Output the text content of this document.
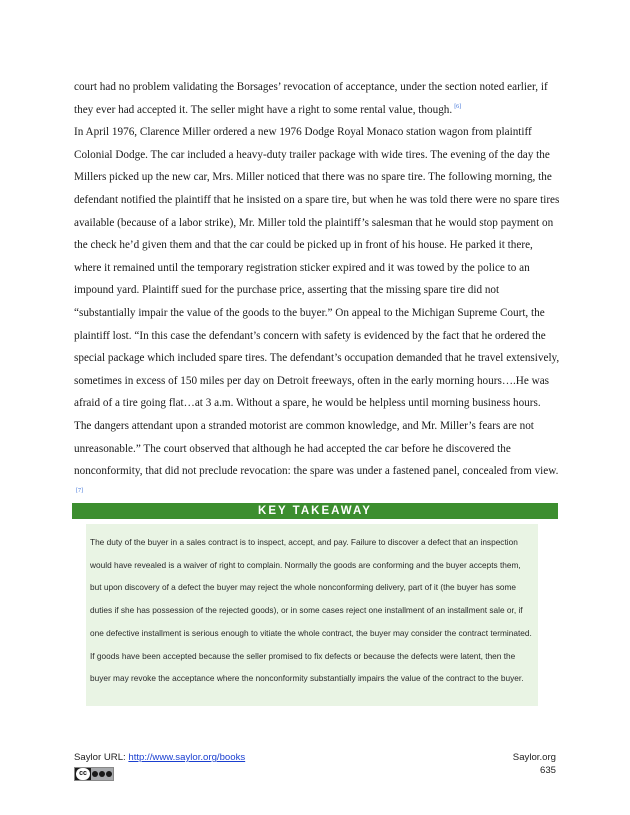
court had no problem validating the Borsages’ revocation of acceptance, under the section noted earlier, if they ever had accepted it. The seller might have a right to some rental value, though. [6]

In April 1976, Clarence Miller ordered a new 1976 Dodge Royal Monaco station wagon from plaintiff Colonial Dodge. The car included a heavy-duty trailer package with wide tires. The evening of the day the Millers picked up the new car, Mrs. Miller noticed that there was no spare tire. The following morning, the defendant notified the plaintiff that he insisted on a spare tire, but when he was told there were no spare tires available (because of a labor strike), Mr. Miller told the plaintiff’s salesman that he would stop payment on the check he’d given them and that the car could be picked up in front of his house. He parked it there, where it remained until the temporary registration sticker expired and it was towed by the police to an impound yard. Plaintiff sued for the purchase price, asserting that the missing spare tire did not “substantially impair the value of the goods to the buyer.” On appeal to the Michigan Supreme Court, the plaintiff lost. “In this case the defendant’s concern with safety is evidenced by the fact that he ordered the special package which included spare tires. The defendant’s occupation demanded that he travel extensively, sometimes in excess of 150 miles per day on Detroit freeways, often in the early morning hours….He was afraid of a tire going flat…at 3 a.m. Without a spare, he would be helpless until morning business hours. The dangers attendant upon a stranded motorist are common knowledge, and Mr. Miller’s fears are not unreasonable.” The court observed that although he had accepted the car before he discovered the nonconformity, that did not preclude revocation: the spare was under a fastened panel, concealed from view.[7]

KEY TAKEAWAY

The duty of the buyer in a sales contract is to inspect, accept, and pay. Failure to discover a defect that an inspection would have revealed is a waiver of right to complain. Normally the goods are conforming and the buyer accepts them, but upon discovery of a defect the buyer may reject the whole nonconforming delivery, part of it (the buyer has some duties if she has possession of the rejected goods), or in some cases reject one installment of an installment sale or, if one defective installment is serious enough to vitiate the whole contract, the buyer may consider the contract terminated. If goods have been accepted because the seller promised to fix defects or because the defects were latent, then the buyer may revoke the acceptance where the nonconformity substantially impairs the value of the contract to the buyer.

Saylor URL: http://www.saylor.org/books
cc
Saylor.org
635
